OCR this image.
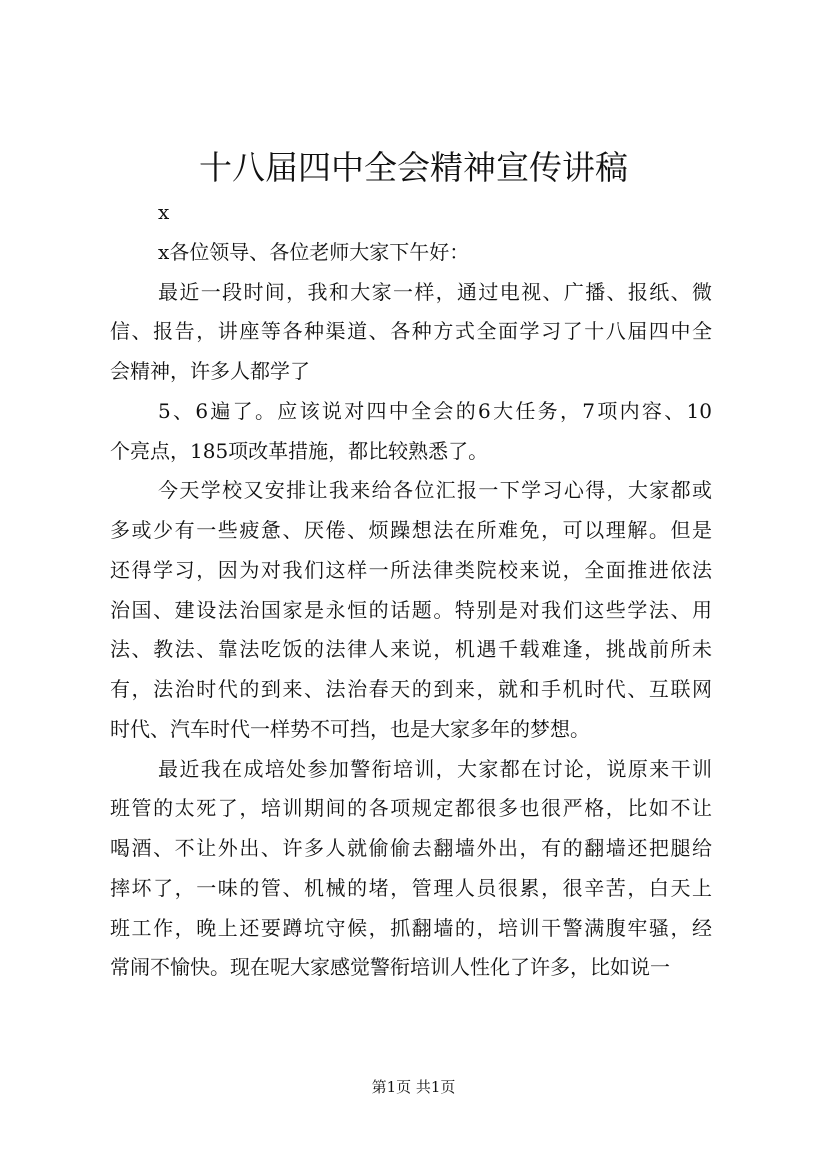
十八届四中全会精神宣传讲稿
x
x各位领导、各位老师大家下午好：
最近一段时间，我和大家一样，通过电视、广播、报纸、微
信、报告，讲座等各种渠道、各种方式全面学习了十八届四中全
会精神，许多人都学了
5、6遍了。应该说对四中全会的6大任务，7项内容、10
个亮点，185项改革措施，都比较熟悉了。
今天学校又安排让我来给各位汇报一下学习心得，大家都或
多或少有一些疲惫、厌倦、烦躁想法在所难免，可以理解。但是
还得学习，因为对我们这样一所法律类院校来说，全面推进依法
治国、建设法治国家是永恒的话题。特别是对我们这些学法、用
法、教法、靠法吃饭的法律人来说，机遇千载难逢，挑战前所未
有，法治时代的到来、法治春天的到来，就和手机时代、互联网
时代、汽车时代一样势不可挡，也是大家多年的梦想。
最近我在成培处参加警衔培训，大家都在讨论，说原来干训
班管的太死了，培训期间的各项规定都很多也很严格，比如不让
喝酒、不让外出、许多人就偷偷去翻墙外出，有的翻墙还把腿给
摔坏了，一味的管、机械的堵，管理人员很累，很辛苦，白天上
班工作，晚上还要蹲坑守候，抓翻墙的，培训干警满腹牢骚，经
常闹不愉快。现在呢大家感觉警衔培训人性化了许多，比如说一
第1页 共1页
